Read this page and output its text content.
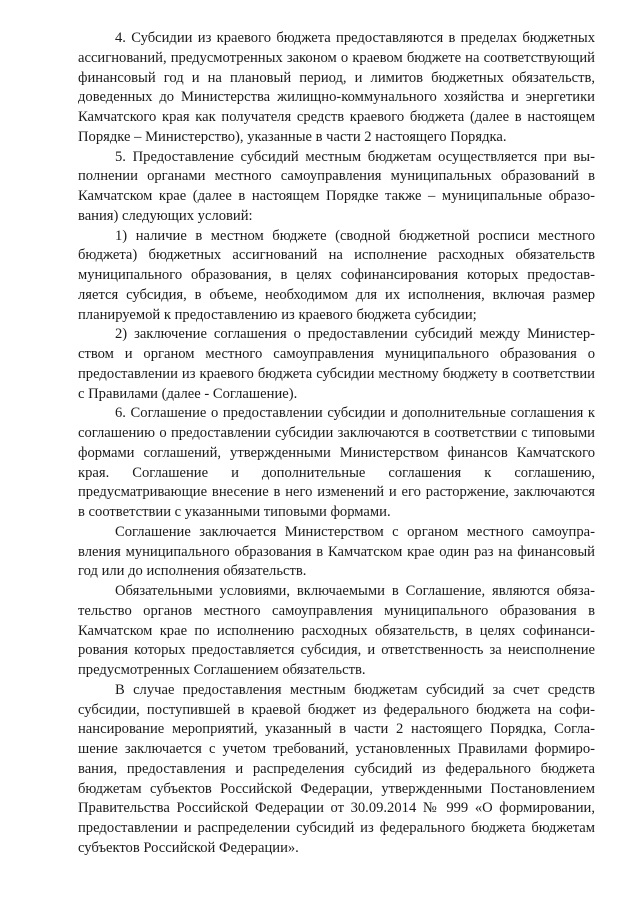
4. Субсидии из краевого бюджета предоставляются в пределах бюджетных ассигнований, предусмотренных законом о краевом бюджете на соответствующий финансовый год и на плановый период, и лимитов бюджетных обязательств, доведенных до Министерства жилищно-коммунального хозяйства и энергетики Камчатского края как получателя средств краевого бюджета (далее в настоящем Порядке – Министерство), указанные в части 2 настоящего Порядка.

5. Предоставление субсидий местным бюджетам осуществляется при выполнении органами местного самоуправления муниципальных образований в Камчатском крае (далее в настоящем Порядке также – муниципальные образования) следующих условий:

1) наличие в местном бюджете (сводной бюджетной росписи местного бюджета) бюджетных ассигнований на исполнение расходных обязательств муниципального образования, в целях софинансирования которых предоставляется субсидия, в объеме, необходимом для их исполнения, включая размер планируемой к предоставлению из краевого бюджета субсидии;

2) заключение соглашения о предоставлении субсидий между Министерством и органом местного самоуправления муниципального образования о предоставлении из краевого бюджета субсидии местному бюджету в соответствии с Правилами (далее - Соглашение).

6. Соглашение о предоставлении субсидии и дополнительные соглашения к соглашению о предоставлении субсидии заключаются в соответствии с типовыми формами соглашений, утвержденными Министерством финансов Камчатского края. Соглашение и дополнительные соглашения к соглашению, предусматривающие внесение в него изменений и его расторжение, заключаются в соответствии с указанными типовыми формами.

Соглашение заключается Министерством с органом местного самоуправления муниципального образования в Камчатском крае один раз на финансовый год или до исполнения обязательств.

Обязательными условиями, включаемыми в Соглашение, являются обязательство органов местного самоуправления муниципального образования в Камчатском крае по исполнению расходных обязательств, в целях софинансирования которых предоставляется субсидия, и ответственность за неисполнение предусмотренных Соглашением обязательств.

В случае предоставления местным бюджетам субсидий за счет средств субсидии, поступившей в краевой бюджет из федерального бюджета на софинансирование мероприятий, указанный в части 2 настоящего Порядка, Соглашение заключается с учетом требований, установленных Правилами формирования, предоставления и распределения субсидий из федерального бюджета бюджетам субъектов Российской Федерации, утвержденными Постановлением Правительства Российской Федерации от 30.09.2014 № 999 «О формировании, предоставлении и распределении субсидий из федерального бюджета бюджетам субъектов Российской Федерации».
